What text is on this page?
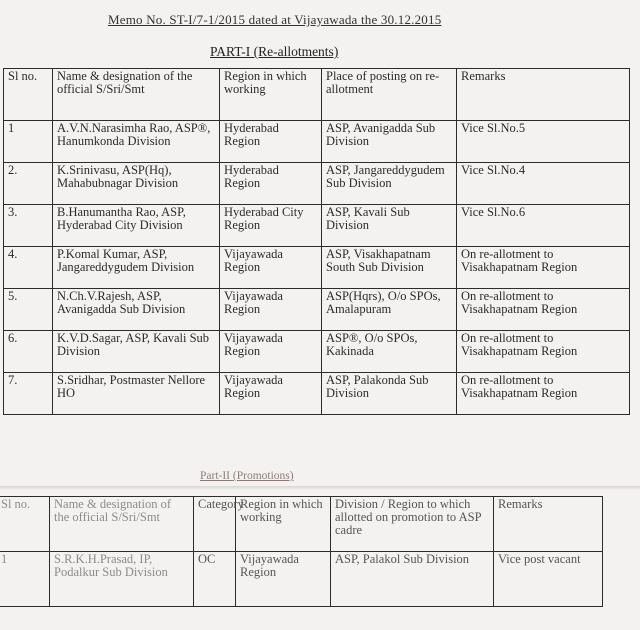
Memo No. ST-I/7-1/2015 dated at Vijayawada the 30.12.2015
PART-I (Re-allotments)
Sl no.	Name & designation of the official S/Sri/Smt	Region in which working	Place of posting on re-allotment	Remarks
1	A.V.N.Narasimha Rao, ASP®, Hanumkonda Division	Hyderabad Region	ASP, Avanigadda Sub Division	Vice Sl.No.5
2.	K.Srinivasu, ASP(Hq), Mahabubnagar Division	Hyderabad Region	ASP, Jangareddygudem Sub Division	Vice Sl.No.4
3.	B.Hanumantha Rao, ASP, Hyderabad City Division	Hyderabad City Region	ASP, Kavali Sub Division	Vice Sl.No.6
4.	P.Komal Kumar, ASP, Jangareddygudem Division	Vijayawada Region	ASP, Visakhapatnam South Sub Division	On re-allotment to Visakhapatnam Region
5.	N.Ch.V.Rajesh, ASP, Avanigadda Sub Division	Vijayawada Region	ASP(Hqrs), O/o SPOs, Amalapuram	On re-allotment to Visakhapatnam Region
6.	K.V.D.Sagar, ASP, Kavali Sub Division	Vijayawada Region	ASP®, O/o SPOs, Kakinada	On re-allotment to Visakhapatnam Region
7.	S.Sridhar, Postmaster Nellore HO	Vijayawada Region	ASP, Palakonda Sub Division	On re-allotment to Visakhapatnam Region
Part-II (Promotions)
Sl no.	Name & designation of the official S/Sri/Smt	Category	Region in which working	Division / Region to which allotted on promotion to ASP cadre	Remarks
1	S.R.K.H.Prasad, IP, Podalkur Sub Division	OC	Vijayawada Region	ASP, Palakol Sub Division	Vice post vacant
